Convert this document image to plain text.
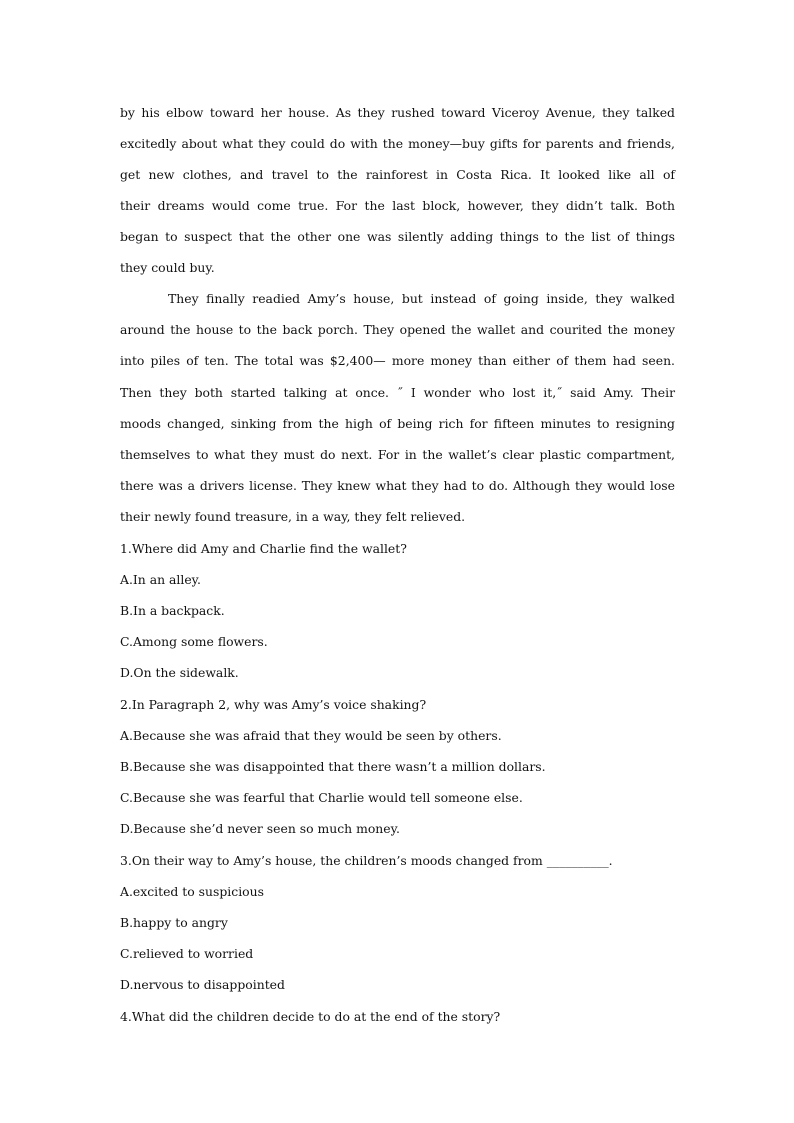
by his elbow toward her house. As they rushed toward Viceroy Avenue, they talked
excitedly about what they could do with the money—buy gifts for parents and friends,
get new clothes, and travel to the rainforest in Costa Rica. It looked like all of
their dreams would come true. For the last block, however, they didn’t talk. Both
began to suspect that the other one was silently adding things to the list of things
they could buy.
They finally readied Amy’s house, but instead of going inside, they walked
around the house to the back porch. They opened the wallet and courited the money
into piles of ten. The total was $2,400— more money than either of them had seen.
Then they both started talking at once. ˝ I wonder who lost it,˝ said Amy. Their
moods changed, sinking from the high of being rich for fifteen minutes to resigning
themselves to what they must do next. For in the wallet’s clear plastic compartment,
there was a drivers license. They knew what they had to do. Although they would lose
their newly found treasure, in a way, they felt relieved.
1.Where did Amy and Charlie find the wallet?
A.In an alley.
B.In a backpack.
C.Among some flowers.
D.On the sidewalk.
2.In Paragraph 2, why was Amy’s voice shaking?
A.Because she was afraid that they would be seen by others.
B.Because she was disappointed that there wasn’t a million dollars.
C.Because she was fearful that Charlie would tell someone else.
D.Because she’d never seen so much money.
3.On their way to Amy’s house, the children’s moods changed from __________.
A.excited to suspicious
B.happy to angry
C.relieved to worried
D.nervous to disappointed
4.What did the children decide to do at the end of the story?
